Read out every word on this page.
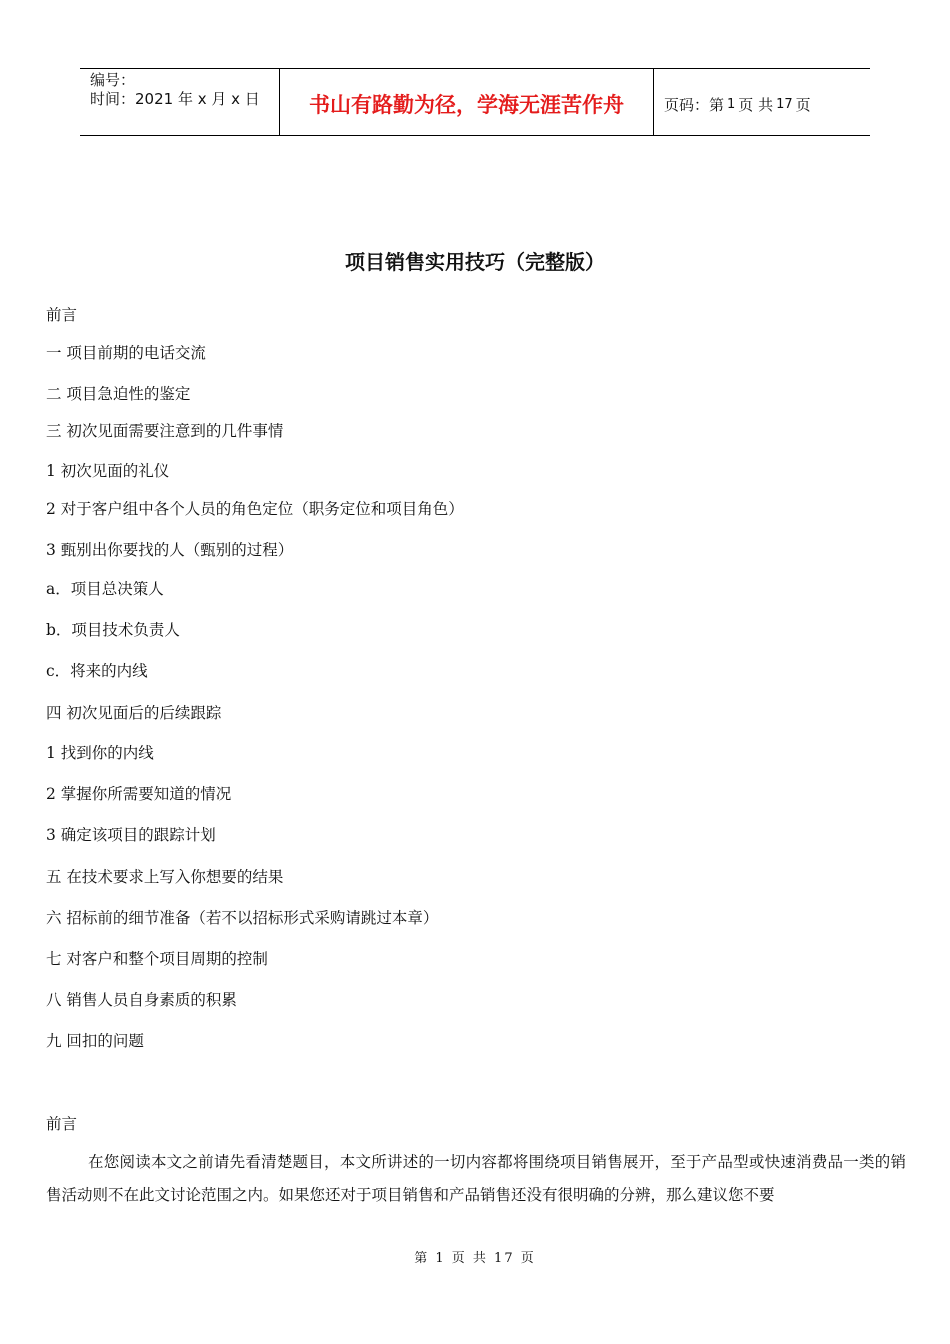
编号：
时间：2021 年 x 月 x 日	书山有路勤为径，学海无涯苦作舟	页码：第 1 页 共 17 页
项目销售实用技巧（完整版）
前言
一 项目前期的电话交流
二 项目急迫性的鉴定
三 初次见面需要注意到的几件事情
1 初次见面的礼仪
2 对于客户组中各个人员的角色定位（职务定位和项目角色）
3 甄别出你要找的人（甄别的过程）
a．项目总决策人
b．项目技术负责人
c．将来的内线
四 初次见面后的后续跟踪
1 找到你的内线
2 掌握你所需要知道的情况
3 确定该项目的跟踪计划
五 在技术要求上写入你想要的结果
六 招标前的细节准备（若不以招标形式采购请跳过本章）
七 对客户和整个项目周期的控制
八 销售人员自身素质的积累
九 回扣的问题
前言

在您阅读本文之前请先看清楚题目，本文所讲述的一切内容都将围绕项目销售展开，至于产品型或快速消费品一类的销售活动则不在此文讨论范围之内。如果您还对于项目销售和产品销售还没有很明确的分辨，那么建议您不要

第 1 页 共 17 页
